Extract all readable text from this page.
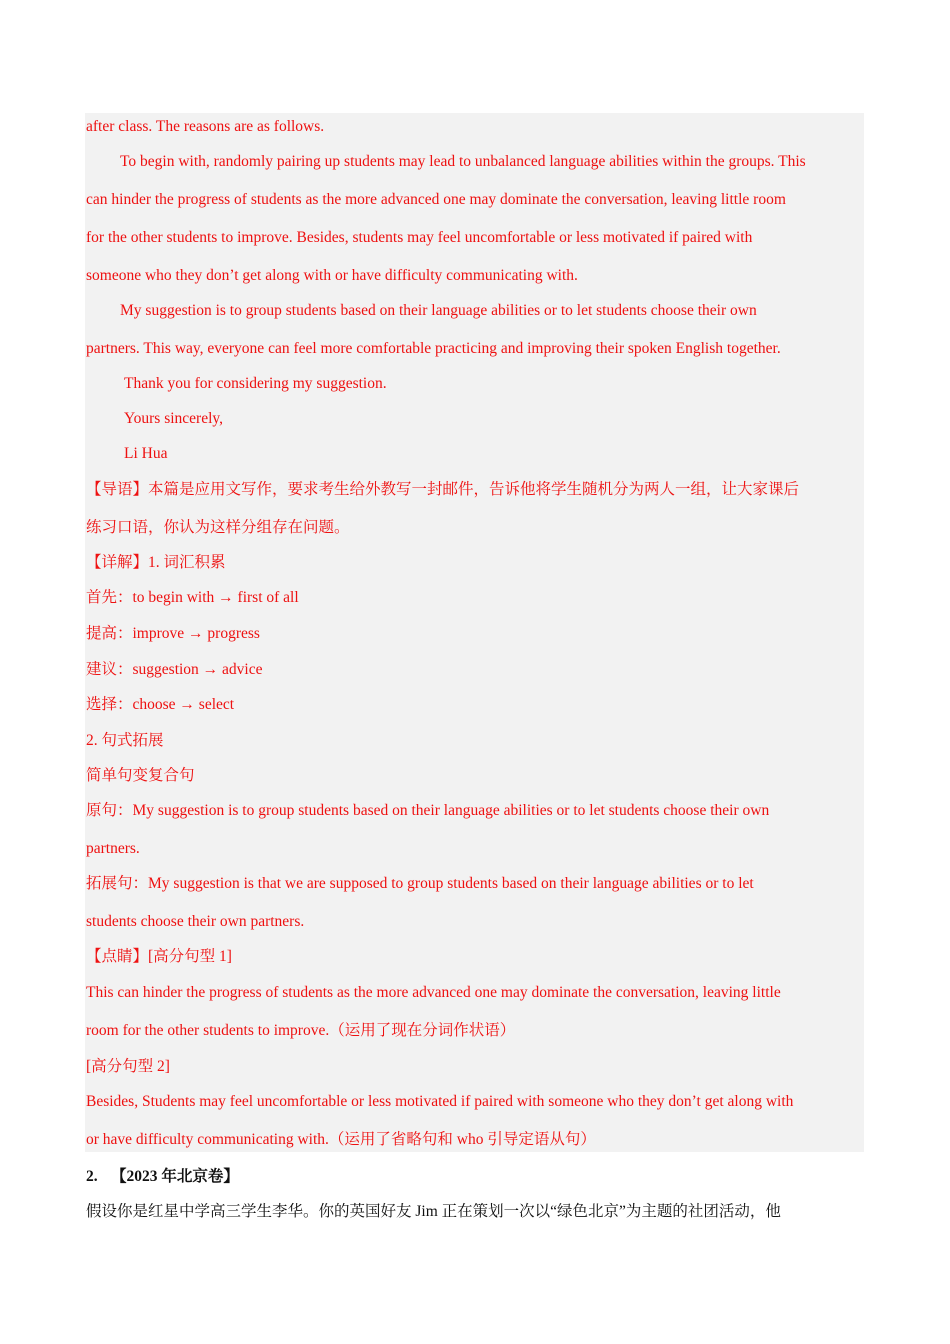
after class. The reasons are as follows.
To begin with, randomly pairing up students may lead to unbalanced language abilities within the groups. This
can hinder the progress of students as the more advanced one may dominate the conversation, leaving little room
for the other students to improve. Besides, students may feel uncomfortable or less motivated if paired with
someone who they don’t get along with or have difficulty communicating with.
My suggestion is to group students based on their language abilities or to let students choose their own
partners. This way, everyone can feel more comfortable practicing and improving their spoken English together.
Thank you for considering my suggestion.
Yours sincerely,
Li Hua
【导语】本篇是应用文写作，要求考生给外教写一封邮件，告诉他将学生随机分为两人一组，让大家课后
练习口语，你认为这样分组存在问题。
【详解】1. 词汇积累
首先：to begin with → first of all
提高：improve → progress
建议：suggestion → advice
选择：choose → select
2. 句式拓展
简单句变复合句
原句：My suggestion is to group students based on their language abilities or to let students choose their own
partners.
拓展句：My suggestion is that we are supposed to group students based on their language abilities or to let
students choose their own partners.
【点睛】[高分句型 1]
This can hinder the progress of students as the more advanced one may dominate the conversation, leaving little
room for the other students to improve.（运用了现在分词作状语）
[高分句型 2]
Besides, Students may feel uncomfortable or less motivated if paired with someone who they don’t get along with
or have difficulty communicating with.（运用了省略句和 who 引导定语从句）
2. 【2023 年北京卷】
假设你是红星中学高三学生李华。你的英国好友 Jim 正在策划一次以“绿色北京”为主题的社团活动，他
